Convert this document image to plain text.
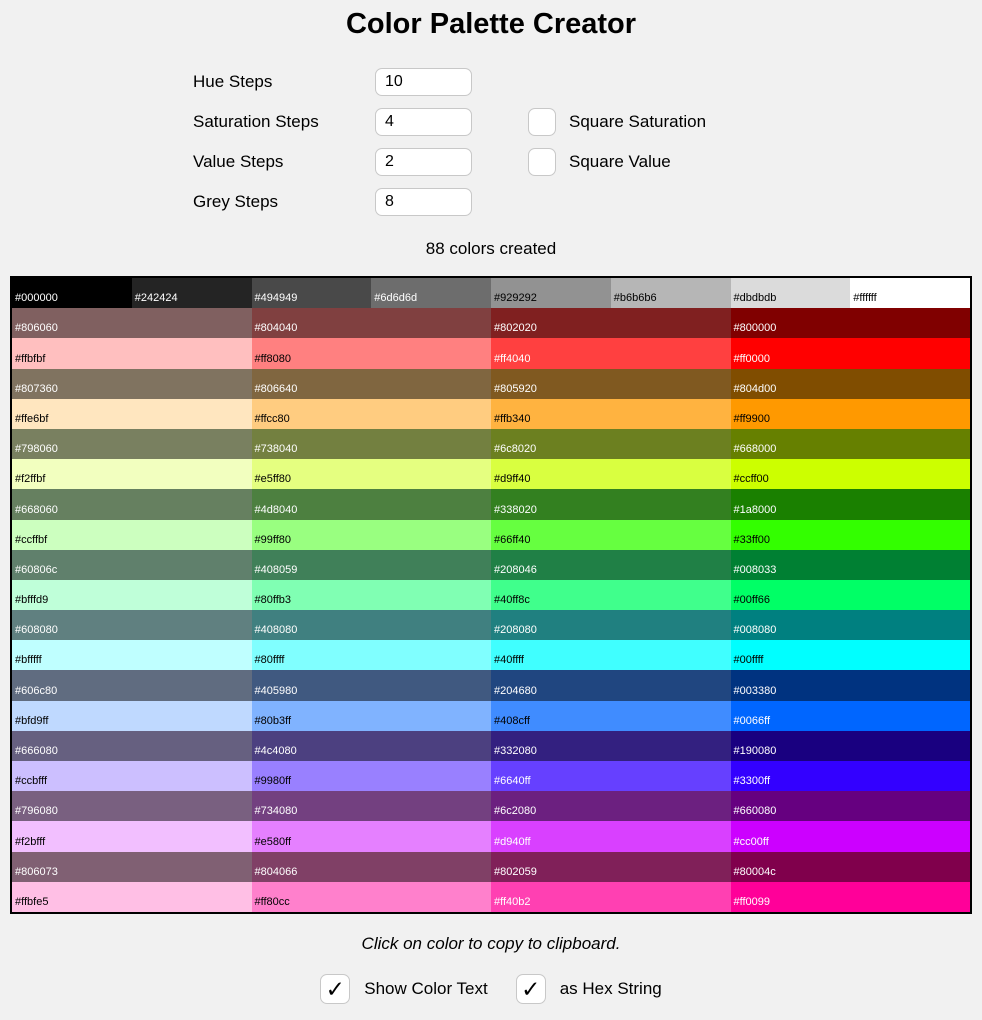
Color Palette Creator
Hue Steps
10
Saturation Steps
4	Square Saturation
Value Steps
2	Square Value
Grey Steps
8
88 colors created
#000000	#242424	#494949	#6d6d6d	#929292	#b6b6b6	#dbdbdb	#ffffff
#806060	#804040	#802020	#800000
#ffbfbf	#ff8080	#ff4040	#ff0000
#807360	#806640	#805920	#804d00
#ffe6bf	#ffcc80	#ffb340	#ff9900
#798060	#738040	#6c8020	#668000
#f2ffbf	#e5ff80	#d9ff40	#ccff00
#668060	#4d8040	#338020	#1a8000
#ccffbf	#99ff80	#66ff40	#33ff00
#60806c	#408059	#208046	#008033
#bfffd9	#80ffb3	#40ff8c	#00ff66
#608080	#408080	#208080	#008080
#bfffff	#80ffff	#40ffff	#00ffff
#606c80	#405980	#204680	#003380
#bfd9ff	#80b3ff	#408cff	#0066ff
#666080	#4c4080	#332080	#190080
#ccbfff	#9980ff	#6640ff	#3300ff
#796080	#734080	#6c2080	#660080
#f2bfff	#e580ff	#d940ff	#cc00ff
#806073	#804066	#802059	#80004c
#ffbfe5	#ff80cc	#ff40b2	#ff0099
Click on color to copy to clipboard.
✓	Show Color Text ✓	as Hex String
